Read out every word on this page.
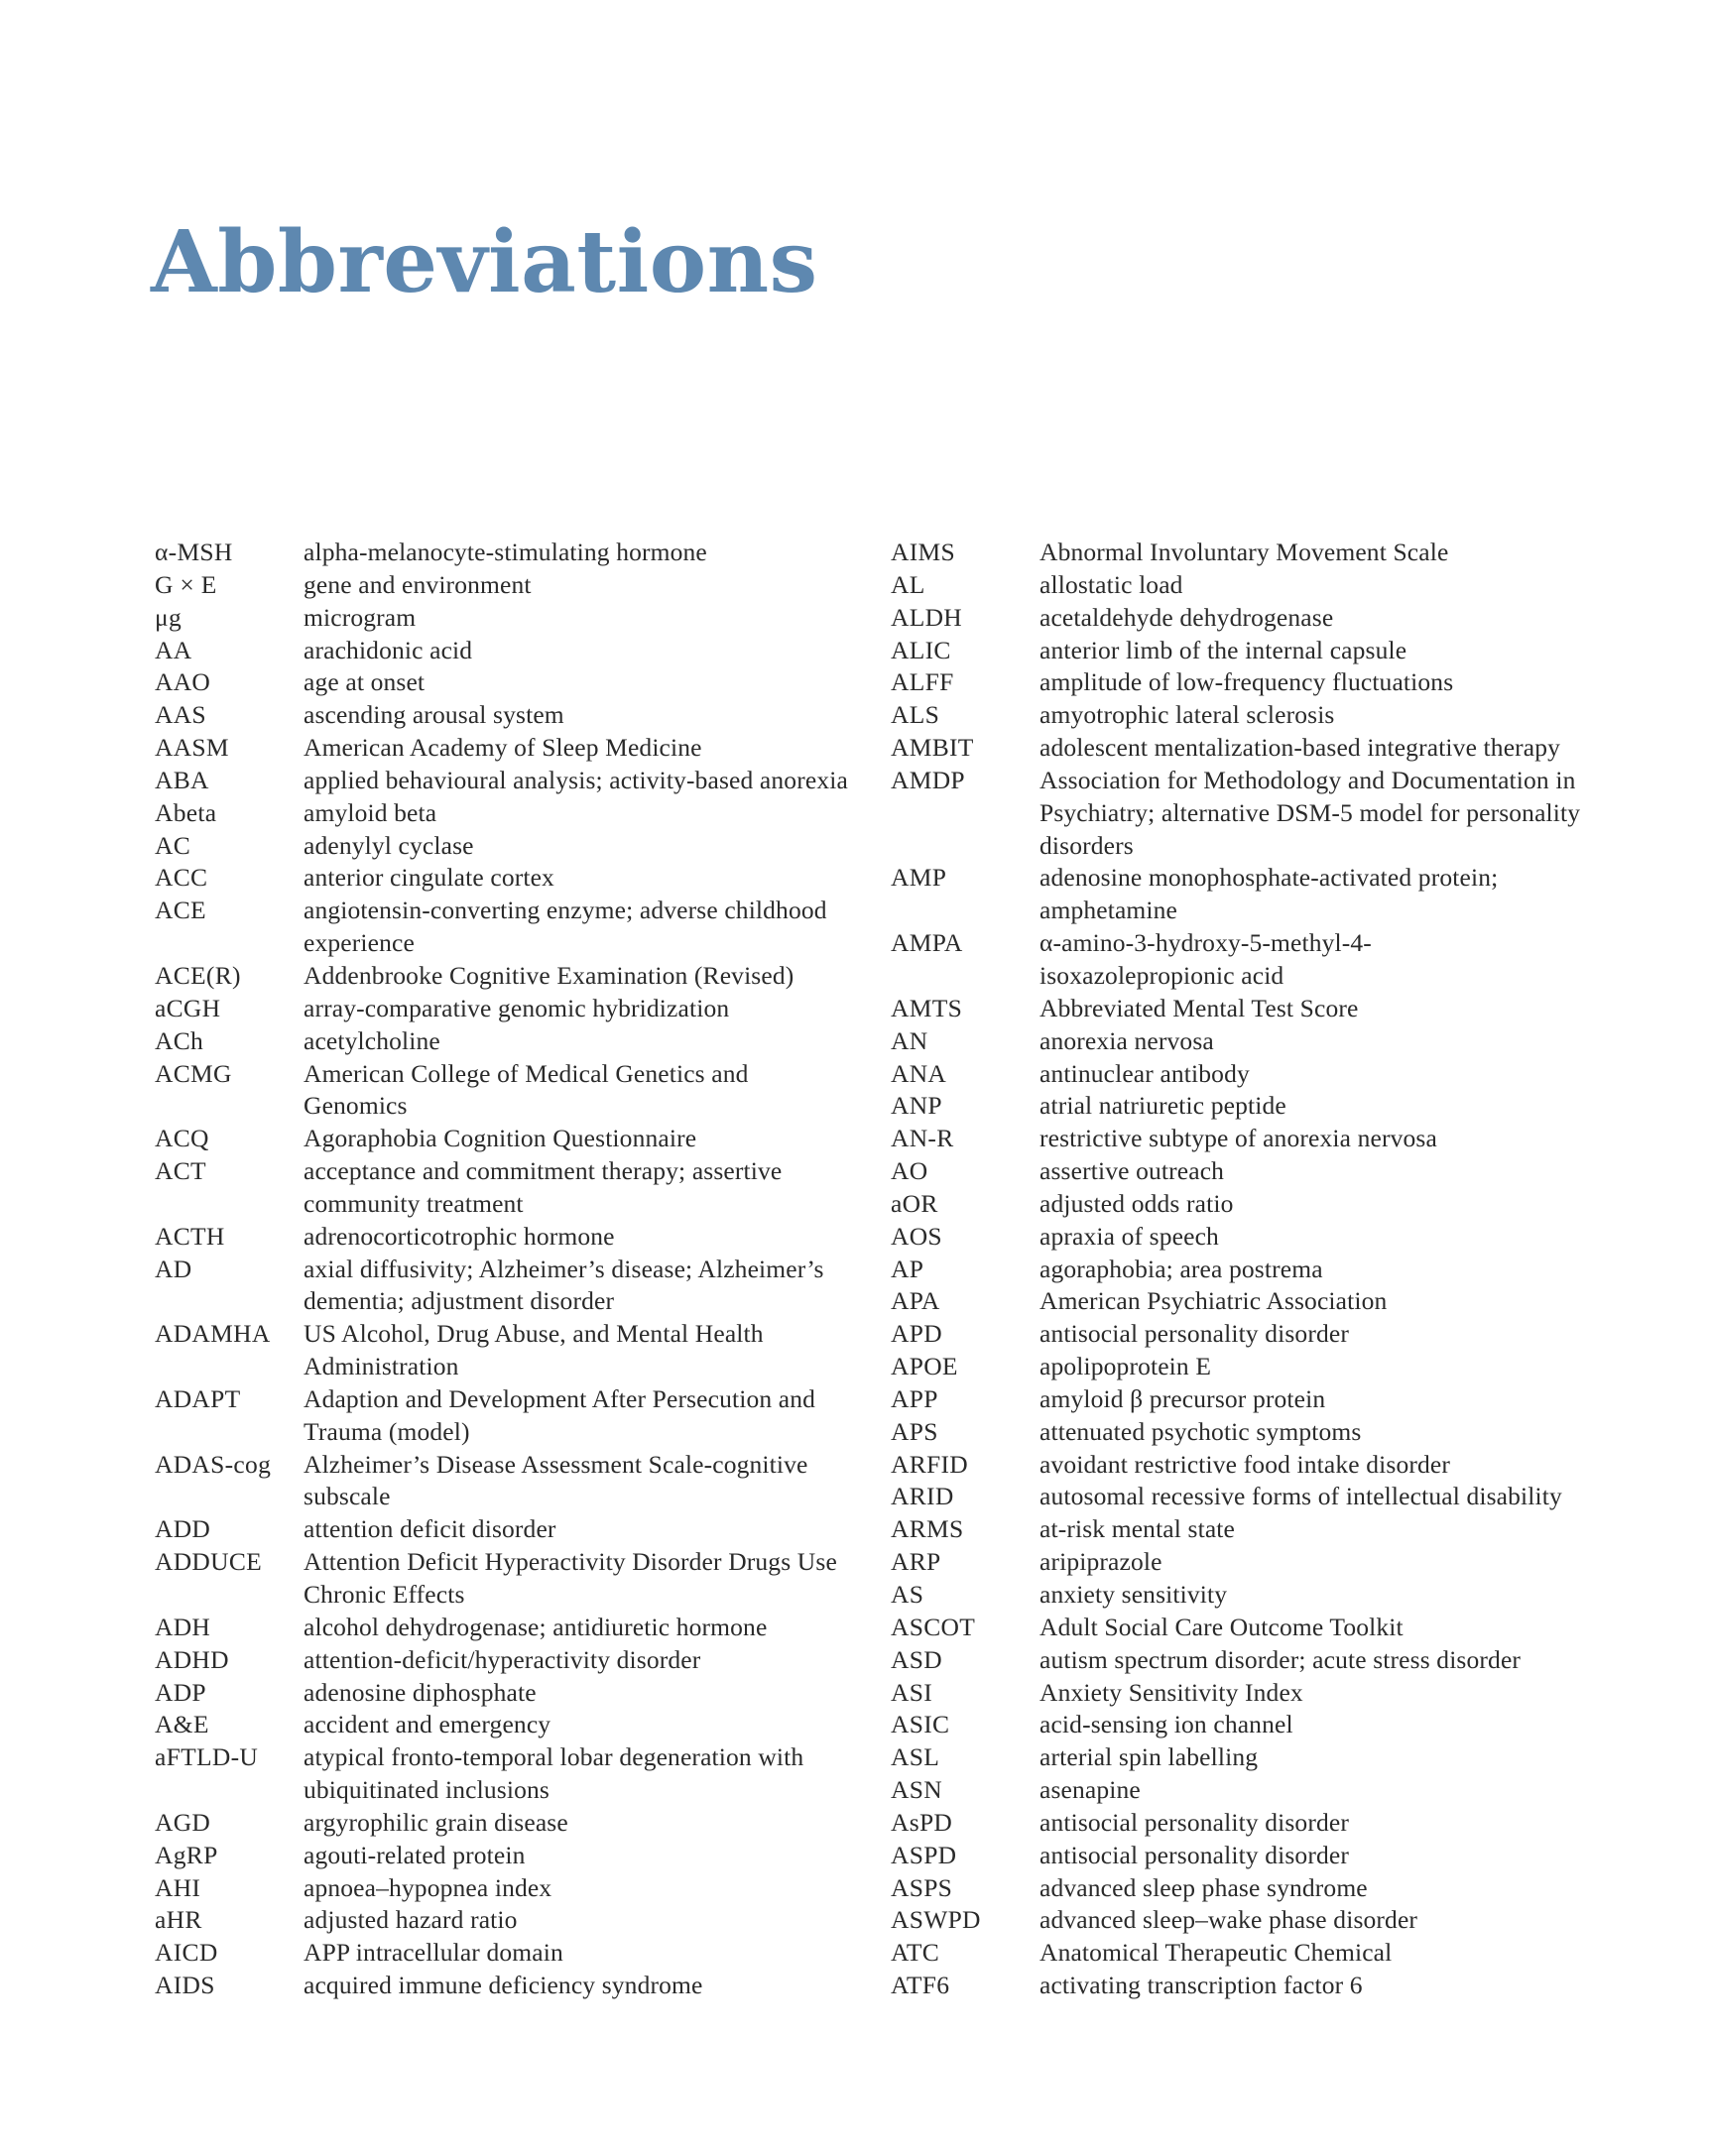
Abbreviations
α-MSH	alpha-melanocyte-stimulating hormone
G × E	gene and environment
μg	microgram
AA	arachidonic acid
AAO	age at onset
AAS	ascending arousal system
AASM	American Academy of Sleep Medicine
ABA	applied behavioural analysis; activity-based anorexia
Abeta	amyloid beta
AC	adenylyl cyclase
ACC	anterior cingulate cortex
ACE	angiotensin-converting enzyme; adverse childhood
experience
ACE(R)	Addenbrooke Cognitive Examination (Revised)
aCGH	array-comparative genomic hybridization
ACh	acetylcholine
ACMG	American College of Medical Genetics and
Genomics
ACQ	Agoraphobia Cognition Questionnaire
ACT	acceptance and commitment therapy; assertive
community treatment
ACTH	adrenocorticotrophic hormone
AD	axial diffusivity; Alzheimer’s disease; Alzheimer’s
dementia; adjustment disorder
ADAMHA	US Alcohol, Drug Abuse, and Mental Health
Administration
ADAPT	Adaption and Development After Persecution and
Trauma (model)
ADAS-cog	Alzheimer’s Disease Assessment Scale-cognitive
subscale
ADD	attention deficit disorder
ADDUCE	Attention Deficit Hyperactivity Disorder Drugs Use
Chronic Effects
ADH	alcohol dehydrogenase; antidiuretic hormone
ADHD	attention-deficit/hyperactivity disorder
ADP	adenosine diphosphate
A&E	accident and emergency
aFTLD-U	atypical fronto-temporal lobar degeneration with
ubiquitinated inclusions
AGD	argyrophilic grain disease
AgRP	agouti-related protein
AHI	apnoea–hypopnea index
aHR	adjusted hazard ratio
AICD	APP intracellular domain
AIDS	acquired immune deficiency syndrome
AIMS	Abnormal Involuntary Movement Scale
AL	allostatic load
ALDH	acetaldehyde dehydrogenase
ALIC	anterior limb of the internal capsule
ALFF	amplitude of low-frequency fluctuations
ALS	amyotrophic lateral sclerosis
AMBIT	adolescent mentalization-based integrative therapy
AMDP	Association for Methodology and Documentation in
Psychiatry; alternative DSM-5 model for personality
disorders
AMP	adenosine monophosphate-activated protein;
amphetamine
AMPA	α-amino-3-hydroxy-5-methyl-4-
isoxazolepropionic acid
AMTS	Abbreviated Mental Test Score
AN	anorexia nervosa
ANA	antinuclear antibody
ANP	atrial natriuretic peptide
AN-R	restrictive subtype of anorexia nervosa
AO	assertive outreach
aOR	adjusted odds ratio
AOS	apraxia of speech
AP	agoraphobia; area postrema
APA	American Psychiatric Association
APD	antisocial personality disorder
APOE	apolipoprotein E
APP	amyloid β precursor protein
APS	attenuated psychotic symptoms
ARFID	avoidant restrictive food intake disorder
ARID	autosomal recessive forms of intellectual disability
ARMS	at-risk mental state
ARP	aripiprazole
AS	anxiety sensitivity
ASCOT	Adult Social Care Outcome Toolkit
ASD	autism spectrum disorder; acute stress disorder
ASI	Anxiety Sensitivity Index
ASIC	acid-sensing ion channel
ASL	arterial spin labelling
ASN	asenapine
AsPD	antisocial personality disorder
ASPD	antisocial personality disorder
ASPS	advanced sleep phase syndrome
ASWPD	advanced sleep–wake phase disorder
ATC	Anatomical Therapeutic Chemical
ATF6	activating transcription factor 6
